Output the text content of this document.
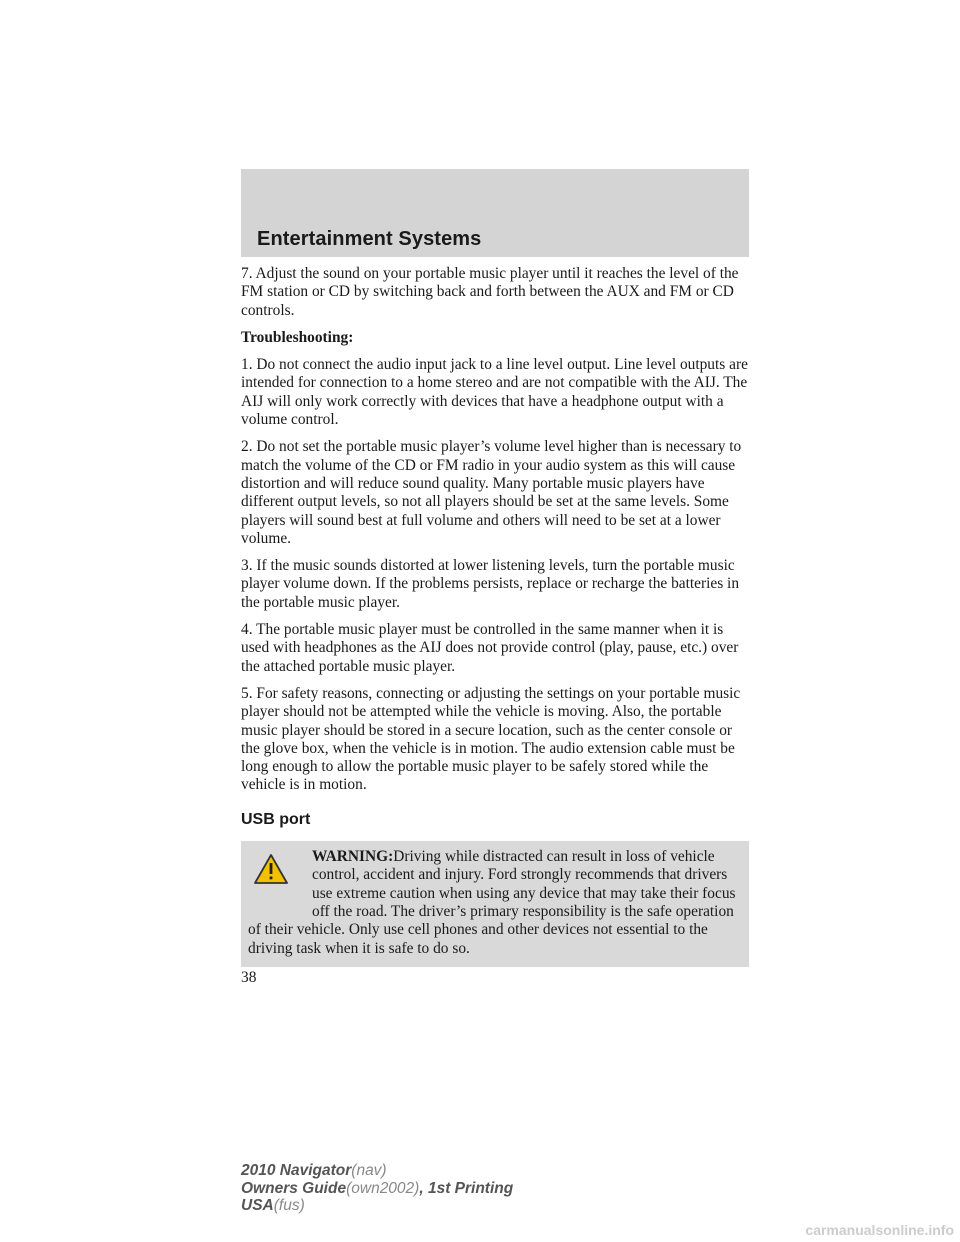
Entertainment Systems

7. Adjust the sound on your portable music player until it reaches the level of the FM station or CD by switching back and forth between the AUX and FM or CD controls.

Troubleshooting:

1. Do not connect the audio input jack to a line level output. Line level outputs are intended for connection to a home stereo and are not compatible with the AIJ. The AIJ will only work correctly with devices that have a headphone output with a volume control.

2. Do not set the portable music player’s volume level higher than is necessary to match the volume of the CD or FM radio in your audio system as this will cause distortion and will reduce sound quality. Many portable music players have different output levels, so not all players should be set at the same levels. Some players will sound best at full volume and others will need to be set at a lower volume.

3. If the music sounds distorted at lower listening levels, turn the portable music player volume down. If the problems persists, replace or recharge the batteries in the portable music player.

4. The portable music player must be controlled in the same manner when it is used with headphones as the AIJ does not provide control (play, pause, etc.) over the attached portable music player.

5. For safety reasons, connecting or adjusting the settings on your portable music player should not be attempted while the vehicle is moving. Also, the portable music player should be stored in a secure location, such as the center console or the glove box, when the vehicle is in motion. The audio extension cable must be long enough to allow the portable music player to be safely stored while the vehicle is in motion.

USB port
WARNING:Driving while distracted can result in loss of vehicle control, accident and injury. Ford strongly recommends that drivers use extreme caution when using any device that may take their focus off the road. The driver’s primary responsibility is the safe operation of their vehicle. Only use cell phones and other devices not essential to the driving task when it is safe to do so.
38
2010 Navigator(nav)
Owners Guide(own2002), 1st Printing
USA(fus)
carmanualsonline.info
